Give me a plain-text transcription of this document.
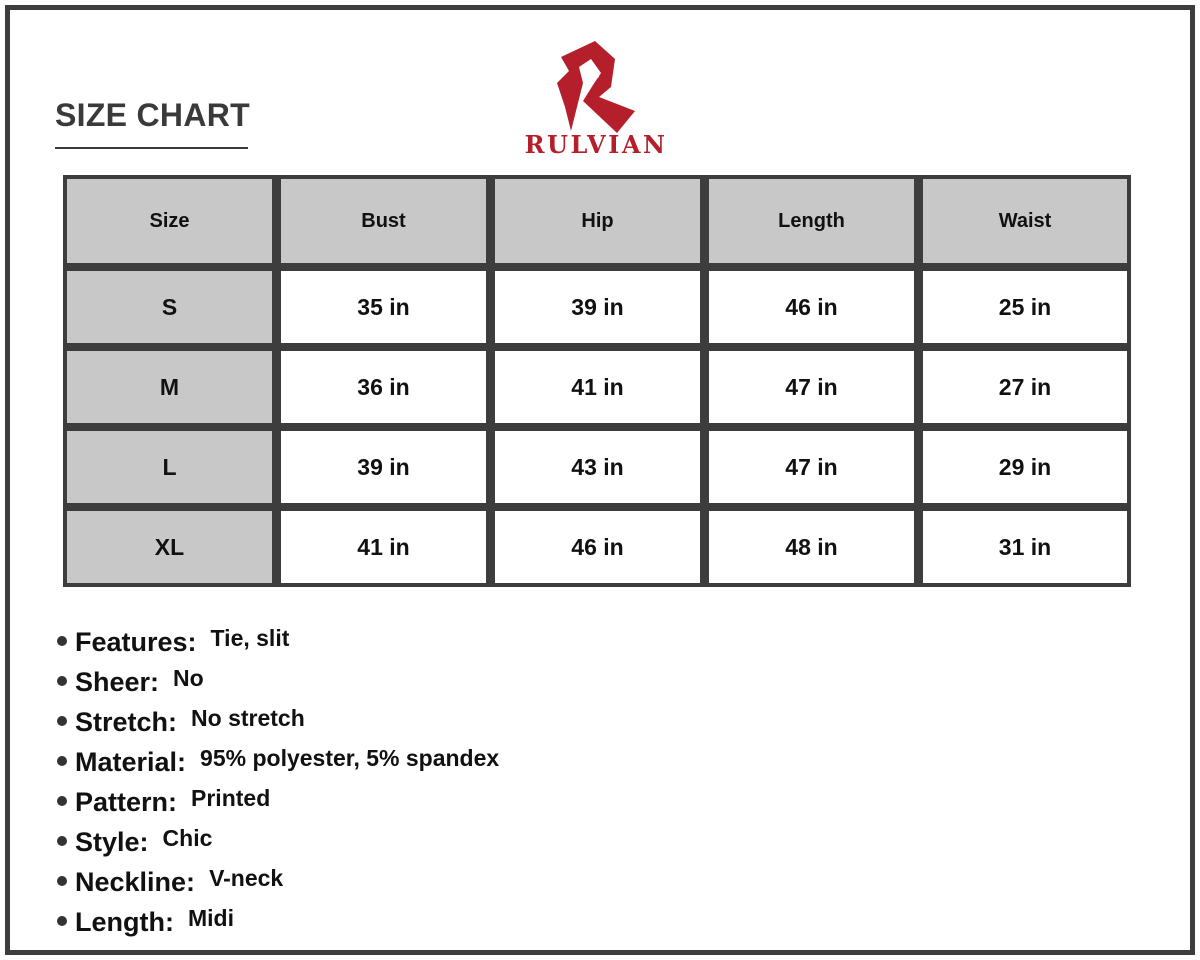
SIZE CHART
RULVIAN
Size	Bust	Hip	Length	Waist
S	35 in	39 in	46 in	25 in
M	36 in	41 in	47 in	27 in
L	39 in	43 in	47 in	29 in
XL	41 in	46 in	48 in	31 in
Features: Tie, slit
Sheer: No
Stretch: No stretch
Material: 95% polyester, 5% spandex
Pattern: Printed
Style: Chic
Neckline: V-neck
Length: Midi
